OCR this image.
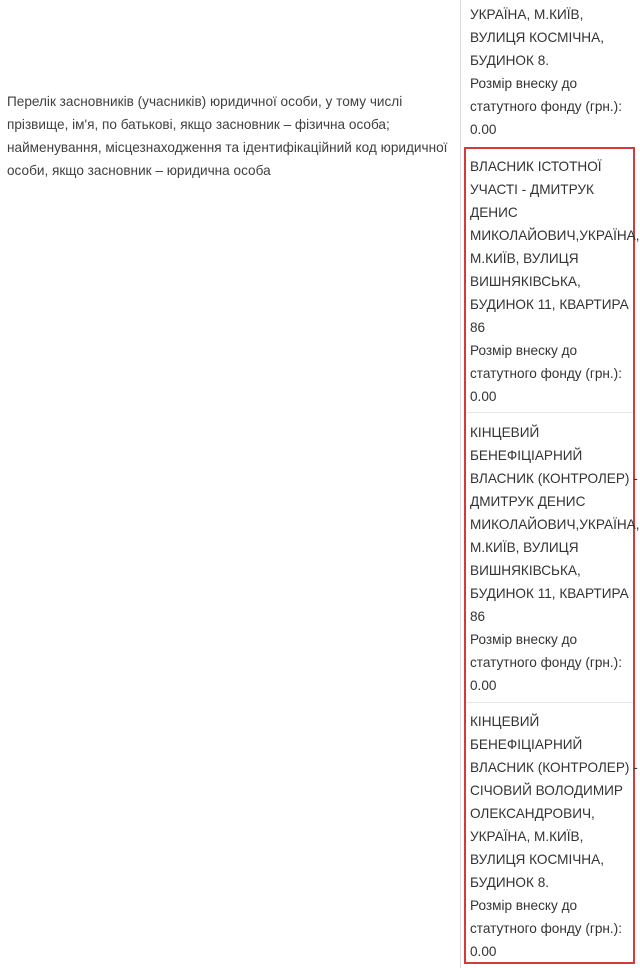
Перелік засновників (учасників) юридичної особи, у тому числі
прізвище, ім'я, по батькові, якщо засновник – фізична особа;
найменування, місцезнаходження та ідентифікаційний код юридичної
особи, якщо засновник – юридична особа
УКРАЇНА, М.КИЇВ,
ВУЛИЦЯ КОСМІЧНА,
БУДИНОК 8.
Розмір внеску до
статутного фонду (грн.):
0.00
ВЛАСНИК ІСТОТНОЇ
УЧАСТІ - ДМИТРУК
ДЕНИС
МИКОЛАЙОВИЧ,УКРАЇНА,
М.КИЇВ, ВУЛИЦЯ
ВИШНЯКІВСЬКА,
БУДИНОК 11, КВАРТИРА
86
Розмір внеску до
статутного фонду (грн.):
0.00
КІНЦЕВИЙ
БЕНЕФІЦІАРНИЙ
ВЛАСНИК (КОНТРОЛЕР) -
ДМИТРУК ДЕНИС
МИКОЛАЙОВИЧ,УКРАЇНА,
М.КИЇВ, ВУЛИЦЯ
ВИШНЯКІВСЬКА,
БУДИНОК 11, КВАРТИРА
86
Розмір внеску до
статутного фонду (грн.):
0.00
КІНЦЕВИЙ
БЕНЕФІЦІАРНИЙ
ВЛАСНИК (КОНТРОЛЕР) -
СІЧОВИЙ ВОЛОДИМИР
ОЛЕКСАНДРОВИЧ,
УКРАЇНА, М.КИЇВ,
ВУЛИЦЯ КОСМІЧНА,
БУДИНОК 8.
Розмір внеску до
статутного фонду (грн.):
0.00
